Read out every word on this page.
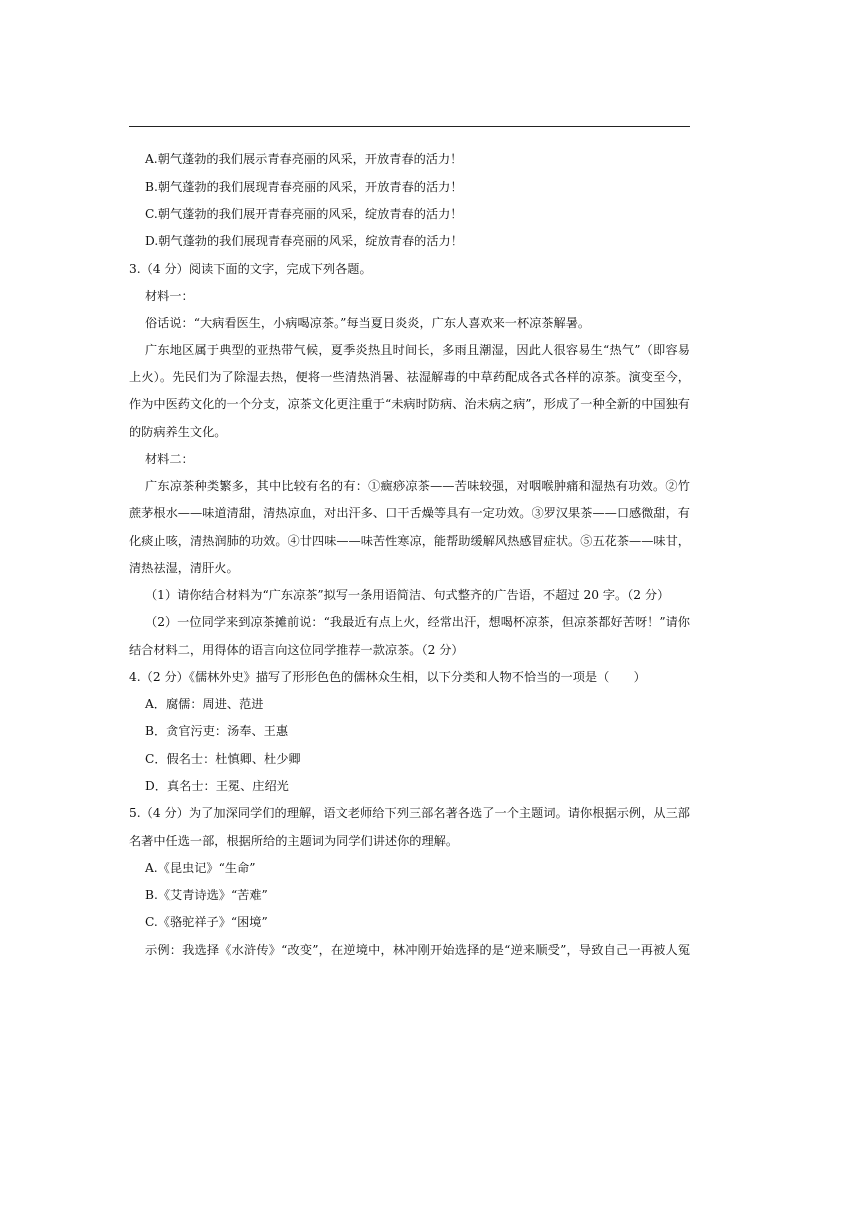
A.朝气蓬勃的我们展示青春亮丽的风采，开放青春的活力！
B.朝气蓬勃的我们展现青春亮丽的风采，开放青春的活力！
C.朝气蓬勃的我们展开青春亮丽的风采，绽放青春的活力！
D.朝气蓬勃的我们展现青春亮丽的风采，绽放青春的活力！
3.（4 分）阅读下面的文字，完成下列各题。
材料一：
俗话说：“大病看医生，小病喝凉茶。”每当夏日炎炎，广东人喜欢来一杯凉茶解暑。
广东地区属于典型的亚热带气候，夏季炎热且时间长，多雨且潮湿，因此人很容易生“热气”（即容易
上火）。先民们为了除湿去热，便将一些清热消暑、祛湿解毒的中草药配成各式各样的凉茶。演变至今，
作为中医药文化的一个分支，凉茶文化更注重于“未病时防病、治未病之病”，形成了一种全新的中国独有
的防病养生文化。
材料二：
广东凉茶种类繁多，其中比较有名的有：①癍痧凉茶——苦味较强，对咽喉肿痛和湿热有功效。②竹
蔗茅根水——味道清甜，清热凉血，对出汗多、口干舌燥等具有一定功效。③罗汉果茶——口感微甜，有
化痰止咳，清热润肺的功效。④廿四味——味苦性寒凉，能帮助缓解风热感冒症状。⑤五花茶——味甘，
清热祛湿，清肝火。
（1）请你结合材料为“广东凉茶”拟写一条用语简洁、句式整齐的广告语，不超过 20 字。（2 分）
（2）一位同学来到凉茶摊前说：“我最近有点上火，经常出汗，想喝杯凉茶，但凉茶都好苦呀！”请你
结合材料二，用得体的语言向这位同学推荐一款凉茶。（2 分）
4.（2 分）《儒林外史》描写了形形色色的儒林众生相，以下分类和人物不恰当的一项是（　　）
A．腐儒：周进、范进
B．贪官污吏：汤奉、王惠
C．假名士：杜慎卿、杜少卿
D．真名士：王冕、庄绍光
5.（4 分）为了加深同学们的理解，语文老师给下列三部名著各选了一个主题词。请你根据示例，从三部
名著中任选一部，根据所给的主题词为同学们讲述你的理解。
A.《昆虫记》“生命”
B.《艾青诗选》“苦难”
C.《骆驼祥子》“困境”
示例：我选择《水浒传》“改变”，在逆境中，林冲刚开始选择的是“逆来顺受”，导致自己一再被人冤
